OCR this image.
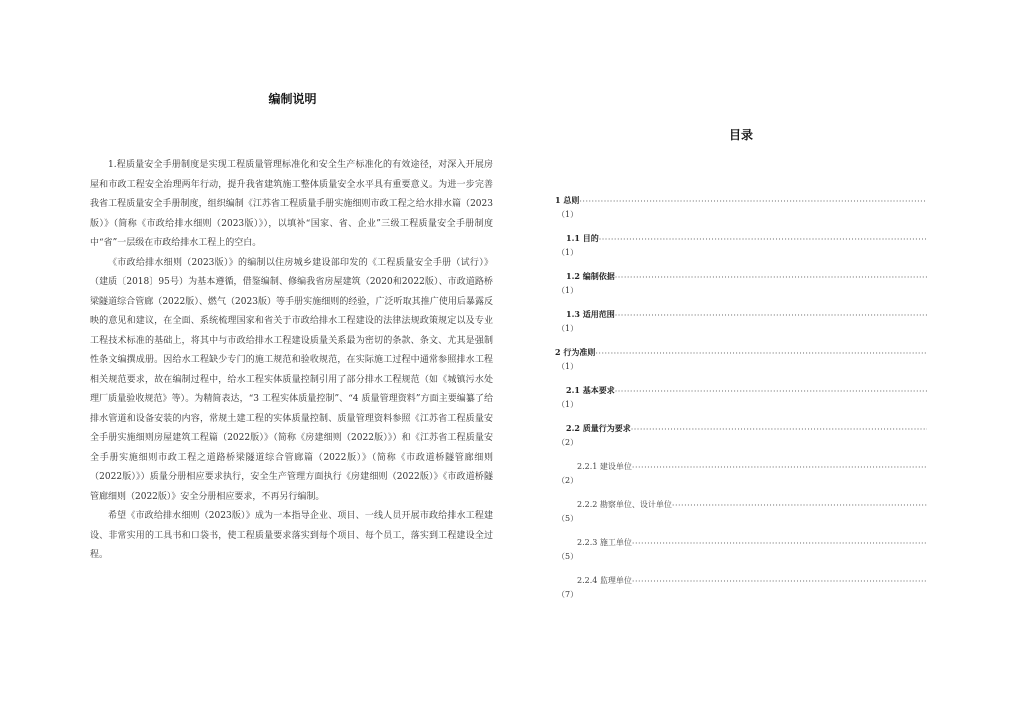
编制说明

1.程质量安全手册制度是实现工程质量管理标准化和安全生产标准化的有效途径，对深入开展房屋和市政工程安全治理两年行动，提升我省建筑施工整体质量安全水平具有重要意义。为进一步完善我省工程质量安全手册制度，组织编制《江苏省工程质量手册实施细则市政工程之给水排水篇（2023版）》（简称《市政给排水细则（2023版）》），以填补“国家、省、企业”三级工程质量安全手册制度中“省”一层级在市政给排水工程上的空白。

《市政给排水细则（2023版）》的编制以住房城乡建设部印发的《工程质量安全手册（试行）》（建质〔2018〕95号）为基本遵循，借鉴编制、修编我省房屋建筑（2020和2022版）、市政道路桥梁隧道综合管廊（2022版）、燃气（2023版）等手册实施细则的经验，广泛听取其推广使用后暴露反映的意见和建议，在全面、系统梳理国家和省关于市政给排水工程建设的法律法规政策规定以及专业工程技术标准的基础上，将其中与市政给排水工程建设质量关系最为密切的条款、条文、尤其是强制性条文编撰成册。因给水工程缺少专门的施工规范和验收规范，在实际施工过程中通常参照排水工程相关规范要求，故在编制过程中，给水工程实体质量控制引用了部分排水工程规范（如《城镇污水处理厂质量验收规范》等）。为精简表达，“3 工程实体质量控制”、“4 质量管理资料”方面主要编纂了给排水管道和设备安装的内容，常规土建工程的实体质量控制、质量管理资料参照《江苏省工程质量安全手册实施细则房屋建筑工程篇（2022版）》（简称《房建细则（2022版）》）和《江苏省工程质量安全手册实施细则市政工程之道路桥梁隧道综合管廊篇（2022版）》（简称《市政道桥隧管廊细则（2022版）》）质量分册相应要求执行，安全生产管理方面执行《房建细则（2022版）》《市政道桥隧管廊细则（2022版）》安全分册相应要求，不再另行编制。

希望《市政给排水细则（2023版）》成为一本指导企业、项目、一线人员开展市政给排水工程建设、非常实用的工具书和口袋书，使工程质量要求落实到每个项目、每个员工，落实到工程建设全过程。

目录
1 总则
·····
（1）
1.1 目的
·····
（1）
1.2 编制依据
·····
（1）
1.3 适用范围
·····
（1）
2 行为准则
·····
（1）
2.1 基本要求
·····
（1）
2.2 质量行为要求
·····
（2）
2.2.1 建设单位
·····
（2）
2.2.2 勘察单位、设计单位
·····
（5）
2.2.3 施工单位
·····
（5）
2.2.4 监理单位
·····
（7）
